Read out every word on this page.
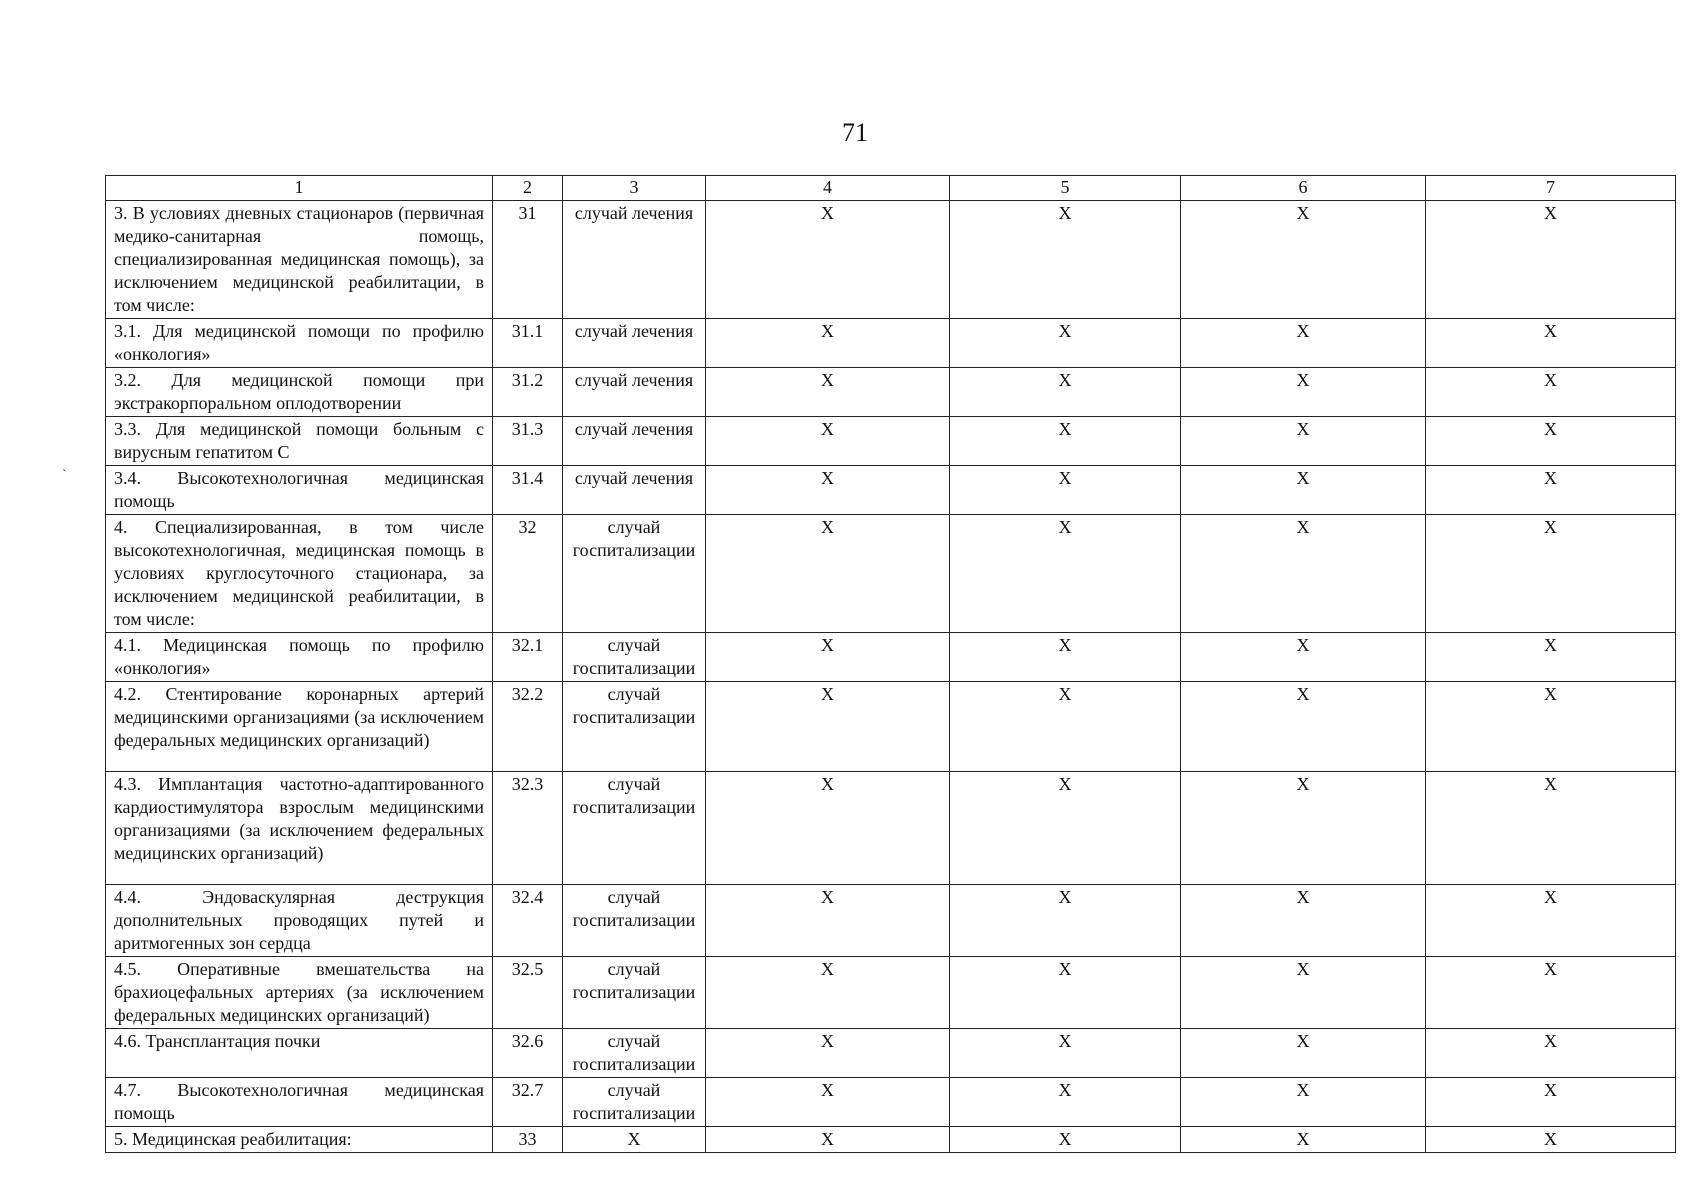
71
`
1	2	3	4	5	6	7
3. В условиях дневных стационаров (первичная медико-санитарная помощь, специализированная медицинская помощь), за исключением медицинской реабилитации, в том числе:	31	случай лечения	X	X	X	X
3.1. Для медицинской помощи по профилю «онкология»	31.1	случай лечения	X	X	X	X
3.2. Для медицинской помощи при экстракорпоральном оплодотворении	31.2	случай лечения	X	X	X	X
3.3. Для медицинской помощи больным с вирусным гепатитом С	31.3	случай лечения	X	X	X	X
3.4. Высокотехнологичная медицинская помощь	31.4	случай лечения	X	X	X	X
4. Специализированная, в том числе высокотехнологичная, медицинская помощь в условиях круглосуточного стационара, за исключением медицинской реабилитации, в том числе:	32	случай госпитализации	X	X	X	X
4.1. Медицинская помощь по профилю «онкология»	32.1	случай госпитализации	X	X	X	X
4.2. Стентирование коронарных артерий медицинскими организациями (за исключением федеральных медицинских организаций)	32.2	случай госпитализации	X	X	X	X
4.3. Имплантация частотно-адаптированного кардиостимулятора взрослым медицинскими организациями (за исключением федеральных медицинских организаций)	32.3	случай госпитализации	X	X	X	X
4.4. Эндоваскулярная деструкция дополнительных проводящих путей и аритмогенных зон сердца	32.4	случай госпитализации	X	X	X	X
4.5. Оперативные вмешательства на брахиоцефальных артериях (за исключением федеральных медицинских организаций)	32.5	случай госпитализации	X	X	X	X
4.6. Трансплантация почки	32.6	случай госпитализации	X	X	X	X
4.7. Высокотехнологичная медицинская помощь	32.7	случай госпитализации	X	X	X	X
5. Медицинская реабилитация:	33	X	X	X	X	X
